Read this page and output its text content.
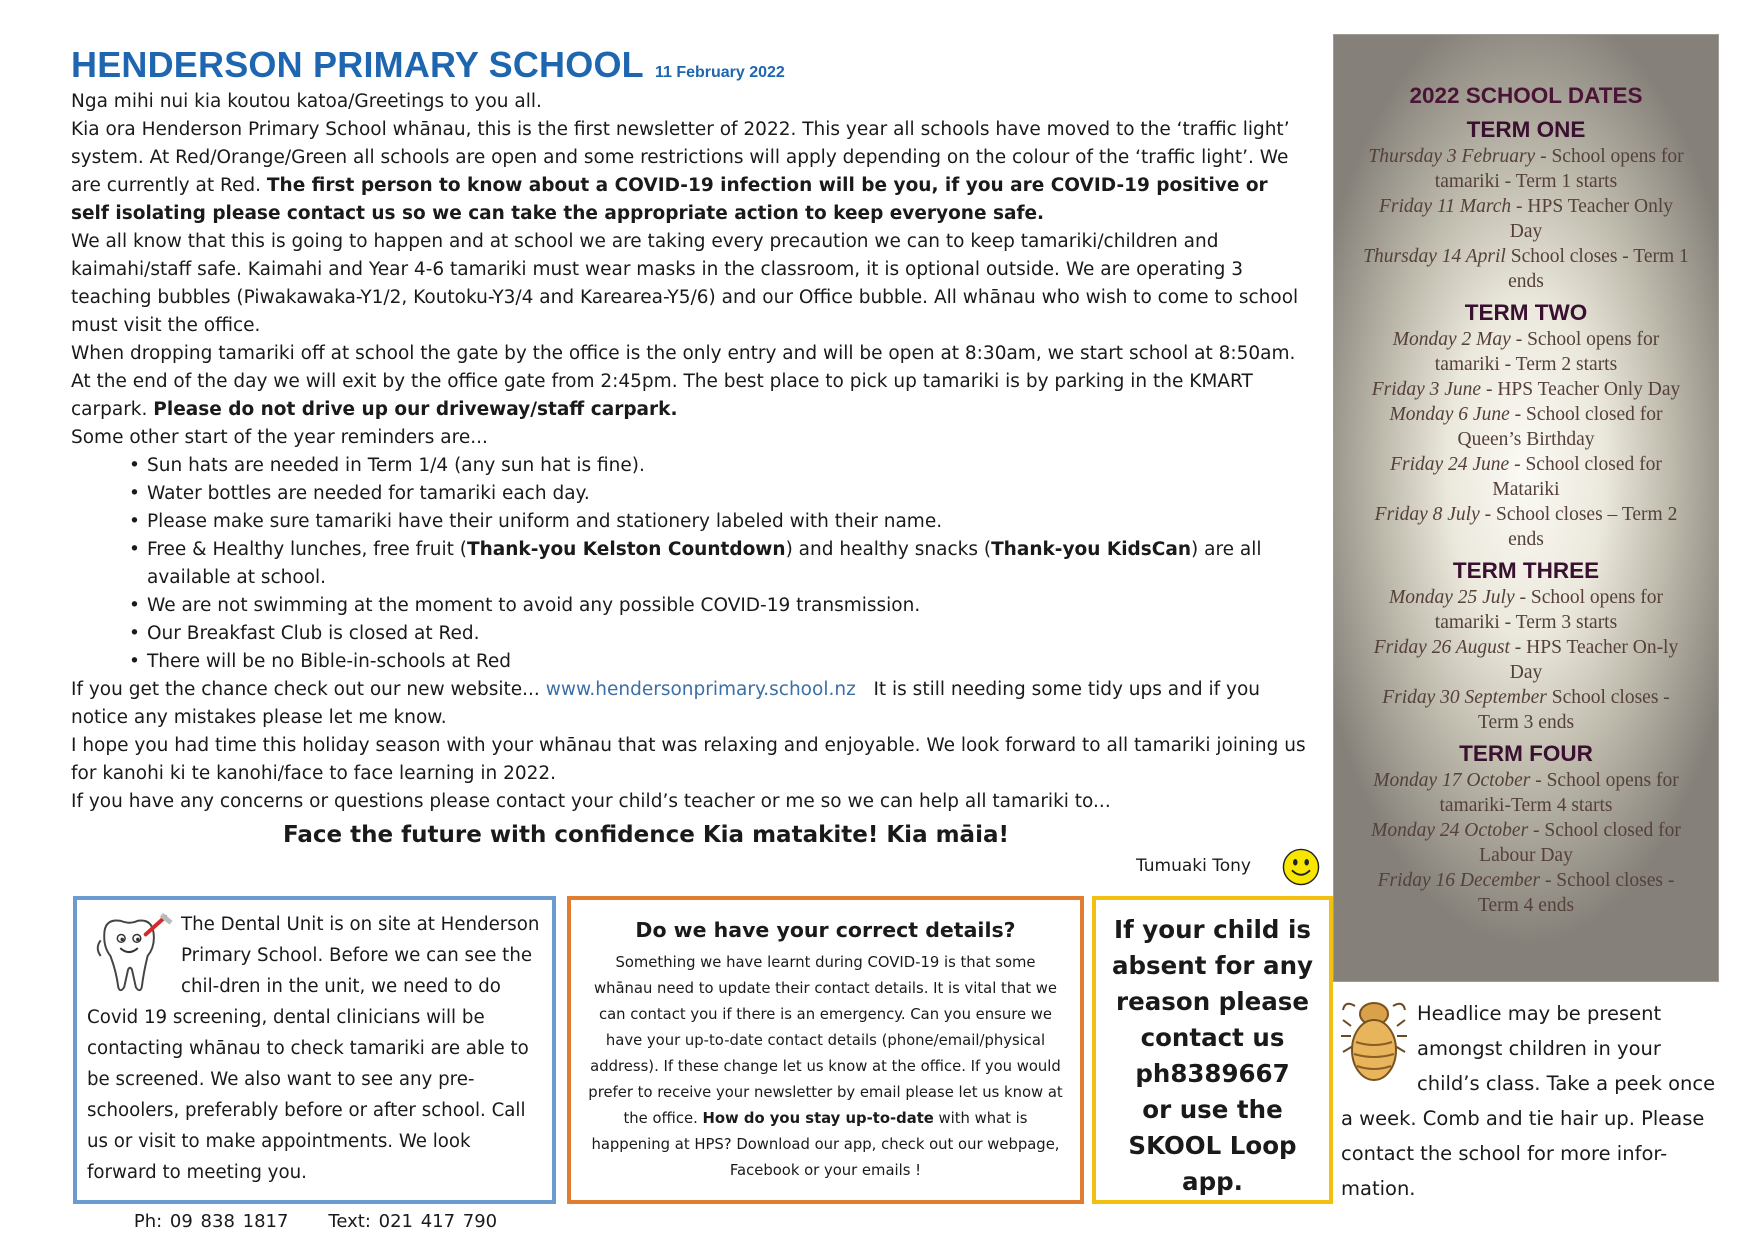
HENDERSON PRIMARY SCHOOL 11 February 2022

Nga mihi nui kia koutou katoa/Greetings to you all.

Kia ora Henderson Primary School whānau, this is the first newsletter of 2022. This year all schools have moved to the ‘traffic light’ system. At Red/Orange/Green all schools are open and some restrictions will apply depending on the colour of the ‘traffic light’. We are currently at Red. The first person to know about a COVID-19 infection will be you, if you are COVID-19 positive or self isolating please contact us so we can take the appropriate action to keep everyone safe.

We all know that this is going to happen and at school we are taking every precaution we can to keep tamariki/children and kaimahi/staff safe. Kaimahi and Year 4-6 tamariki must wear masks in the classroom, it is optional outside. We are operating 3 teaching bubbles (Piwakawaka-Y1/2, Koutoku-Y3/4 and Karearea-Y5/6) and our Office bubble. All whānau who wish to come to school must visit the office.

When dropping tamariki off at school the gate by the office is the only entry and will be open at 8:30am, we start school at 8:50am. At the end of the day we will exit by the office gate from 2:45pm. The best place to pick up tamariki is by parking in the KMART carpark. Please do not drive up our driveway/staff carpark.

Some other start of the year reminders are...

• Sun hats are needed in Term 1/4 (any sun hat is fine).
• Water bottles are needed for tamariki each day.
• Please make sure tamariki have their uniform and stationery labeled with their name.
• Free & Healthy lunches, free fruit (Thank-you Kelston Countdown) and healthy snacks (Thank-you KidsCan) are all available at school.
• We are not swimming at the moment to avoid any possible COVID-19 transmission.
• Our Breakfast Club is closed at Red.
• There will be no Bible-in-schools at Red

If you get the chance check out our new website... www.hendersonprimary.school.nz It is still needing some tidy ups and if you notice any mistakes please let me know.

I hope you had time this holiday season with your whānau that was relaxing and enjoyable. We look forward to all tamariki joining us for kanohi ki te kanohi/face to face learning in 2022.

If you have any concerns or questions please contact your child’s teacher or me so we can help all tamariki to...

Face the future with confidence Kia matakite! Kia māia!
Tumuaki Tony
2022 SCHOOL DATES
TERM ONE
Thursday 3 February - School opens for tamariki - Term 1 starts
Friday 11 March - HPS Teacher Only Day
Thursday 14 April School closes - Term 1 ends
TERM TWO
Monday 2 May - School opens for tamariki - Term 2 starts
Friday 3 June - HPS Teacher Only Day
Monday 6 June - School closed for Queen’s Birthday
Friday 24 June - School closed for Matariki
Friday 8 July - School closes – Term 2 ends
TERM THREE
Monday 25 July - School opens for tamariki - Term 3 starts
Friday 26 August - HPS Teacher On-ly Day
Friday 30 September School closes - Term 3 ends
TERM FOUR
Monday 17 October - School opens for tamariki-Term 4 starts
Monday 24 October - School closed for Labour Day
Friday 16 December - School closes - Term 4 ends
The Dental Unit is on site at Henderson Primary School. Before we can see the chil-dren in the unit, we need to do Covid 19 screening, dental clinicians will be contacting whānau to check tamariki are able to be screened. We also want to see any pre-schoolers, preferably before or after school. Call us or visit to make appointments. We look forward to meeting you.
Ph: 09 838 1817 Text: 021 417 790
Do we have your correct details?
Something we have learnt during COVID-19 is that some whānau need to update their contact details. It is vital that we can contact you if there is an emergency. Can you ensure we have your up-to-date contact details (phone/email/physical address). If these change let us know at the office. If you would prefer to receive your newsletter by email please let us know at the office. How do you stay up-to-date with what is happening at HPS? Download our app, check out our webpage, Facebook or your emails !
If your child is absent for any reason please contact us ph8389667
or use the SKOOL Loop app.
Headlice may be present amongst children in your child’s class. Take a peek once a week. Comb and tie hair up. Please contact the school for more infor-mation.
